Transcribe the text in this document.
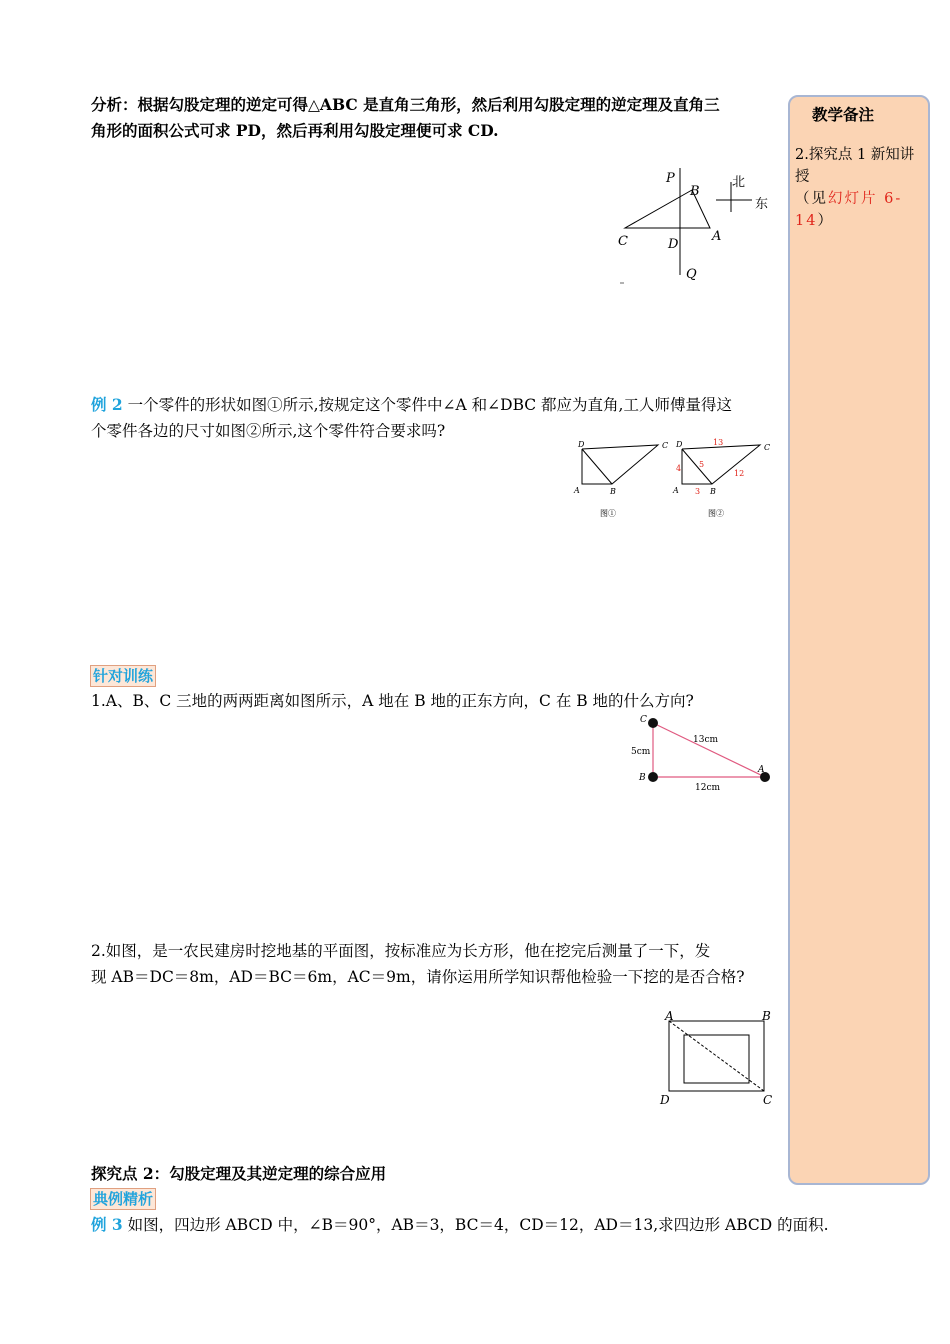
分析：根据勾股定理的逆定可得△ABC 是直角三角形，然后利用勾股定理的逆定理及直角三
角形的面积公式可求 PD，然后再利用勾股定理便可求 CD.
P
B
C	D
A
Q
北
东
例 2 一个零件的形状如图①所示,按规定这个零件中∠A 和∠DBC 都应为直角,工人师傅量得这
个零件各边的尺寸如图②所示,这个零件符合要求吗?
D	C
A	B
图①
D	C
A	B
13
4 5
3
12
图②
针对训练
1.A、B、C 三地的两两距离如图所示，A 地在 B 地的正东方向，C 在 B 地的什么方向?
C
B
A
5cm
13cm
12cm
2.如图，是一农民建房时挖地基的平面图，按标准应为长方形，他在挖完后测量了一下，发
现 AB＝DC＝8m，AD＝BC＝6m，AC＝9m，请你运用所学知识帮他检验一下挖的是否合格?
A	B
D	C
探究点 2：勾股定理及其逆定理的综合应用
典例精析
例 3 如图，四边形 ABCD 中，∠B＝90°，AB＝3，BC＝4，CD＝12，AD＝13,求四边形 ABCD 的面积.
教学备注
2.探究点 1 新知讲授
（见幻灯片 6-14）
